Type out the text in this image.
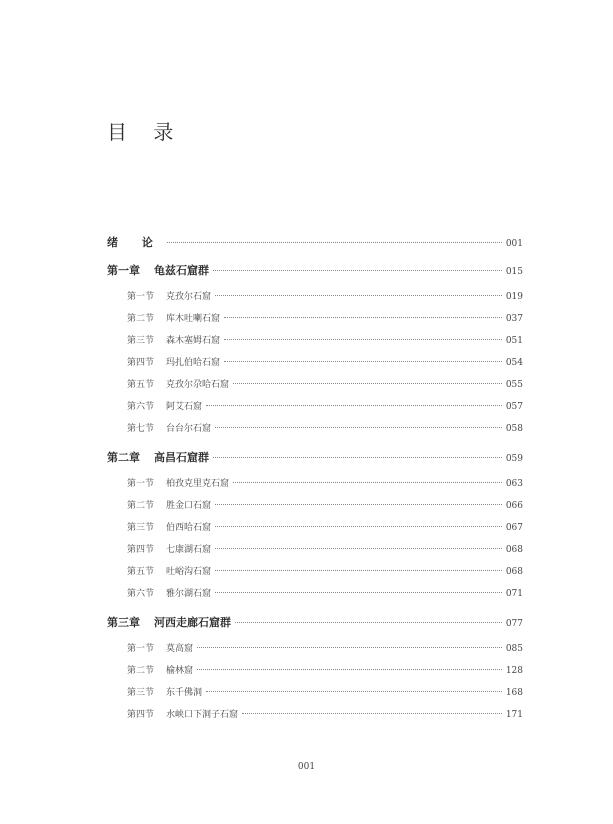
目 录
绪 论	001
第一章 龟兹石窟群	015
第一节 克孜尔石窟	019
第二节 库木吐喇石窟	037
第三节 森木塞姆石窟	051
第四节 玛扎伯哈石窟	054
第五节 克孜尔尕哈石窟	055
第六节 阿艾石窟	057
第七节 台台尔石窟	058
第二章 高昌石窟群	059
第一节 柏孜克里克石窟	063
第二节 胜金口石窟	066
第三节 伯西哈石窟	067
第四节 七康湖石窟	068
第五节 吐峪沟石窟	068
第六节 雅尔湖石窟	071
第三章 河西走廊石窟群	077
第一节 莫高窟	085
第二节 榆林窟	128
第三节 东千佛洞	168
第四节 水峡口下洞子石窟	171
001
